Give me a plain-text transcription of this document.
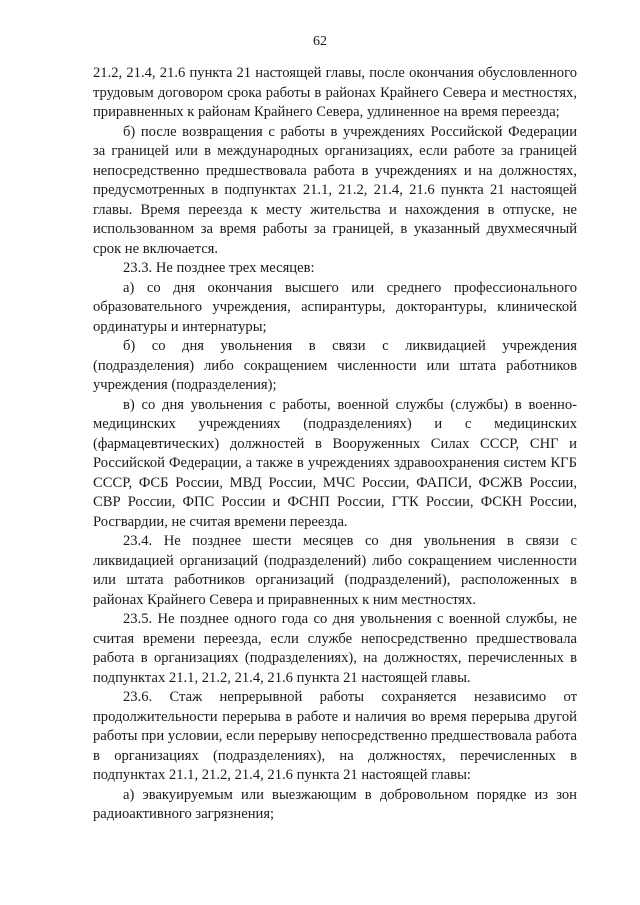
62

21.2, 21.4, 21.6 пункта 21 настоящей главы, после окончания обусловленного трудовым договором срока работы в районах Крайнего Севера и местностях, приравненных к районам Крайнего Севера, удлиненное на время переезда;

б) после возвращения с работы в учреждениях Российской Федерации за границей или в международных организациях, если работе за границей непосредственно предшествовала работа в учреждениях и на должностях, предусмотренных в подпунктах 21.1, 21.2, 21.4, 21.6 пункта 21 настоящей главы. Время переезда к месту жительства и нахождения в отпуске, не использованном за время работы за границей, в указанный двухмесячный срок не включается.

23.3. Не позднее трех месяцев:

а) со дня окончания высшего или среднего профессионального образовательного учреждения, аспирантуры, докторантуры, клинической ординатуры и интернатуры;

б) со дня увольнения в связи с ликвидацией учреждения (подразделения) либо сокращением численности или штата работников учреждения (подразделения);

в) со дня увольнения с работы, военной службы (службы) в военно-медицинских учреждениях (подразделениях) и с медицинских (фармацевтических) должностей в Вооруженных Силах СССР, СНГ и Российской Федерации, а также в учреждениях здравоохранения систем КГБ СССР, ФСБ России, МВД России, МЧС России, ФАПСИ, ФСЖВ России, СВР России, ФПС России и ФСНП России, ГТК России, ФСКН России, Росгвардии, не считая времени переезда.

23.4. Не позднее шести месяцев со дня увольнения в связи с ликвидацией организаций (подразделений) либо сокращением численности или штата работников организаций (подразделений), расположенных в районах Крайнего Севера и приравненных к ним местностях.

23.5. Не позднее одного года со дня увольнения с военной службы, не считая времени переезда, если службе непосредственно предшествовала работа в организациях (подразделениях), на должностях, перечисленных в подпунктах 21.1, 21.2, 21.4, 21.6 пункта 21 настоящей главы.

23.6. Стаж непрерывной работы сохраняется независимо от продолжительности перерыва в работе и наличия во время перерыва другой работы при условии, если перерыву непосредственно предшествовала работа в организациях (подразделениях), на должностях, перечисленных в подпунктах 21.1, 21.2, 21.4, 21.6 пункта 21 настоящей главы:

а) эвакуируемым или выезжающим в добровольном порядке из зон радиоактивного загрязнения;
